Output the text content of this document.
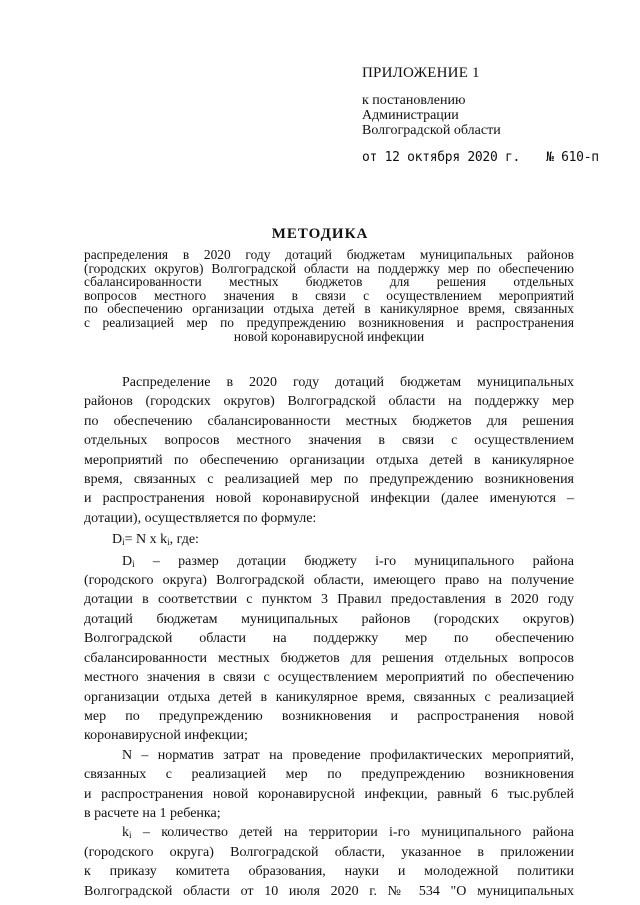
ПРИЛОЖЕНИЕ 1
к постановлению
Администрации
Волгоградской области
от 12 октября 2020 г. № 610-п
МЕТОДИКА
распределения в 2020 году дотаций бюджетам муниципальных районов
(городских округов) Волгоградской области на поддержку мер по обеспечению
сбалансированности местных бюджетов для решения отдельных
вопросов местного значения в связи с осуществлением мероприятий
по обеспечению организации отдыха детей в каникулярное время, связанных
с реализацией мер по предупреждению возникновения и распространения
новой коронавирусной инфекции
Распределение в 2020 году дотаций бюджетам муниципальных
районов (городских округов) Волгоградской области на поддержку мер
по обеспечению сбалансированности местных бюджетов для решения
отдельных вопросов местного значения в связи с осуществлением
мероприятий по обеспечению организации отдыха детей в каникулярное
время, связанных с реализацией мер по предупреждению возникновения
и распространения новой коронавирусной инфекции (далее именуются –
дотации), осуществляется по формуле:
$D_i= N$ x $k_i$, где:
$D_i$ – размер дотации бюджету i-го муниципального района
(городского округа) Волгоградской области, имеющего право на получение
дотации в соответствии с пунктом 3 Правил предоставления в 2020 году
дотаций бюджетам муниципальных районов (городских округов)
Волгоградской области на поддержку мер по обеспечению
сбалансированности местных бюджетов для решения отдельных вопросов
местного значения в связи с осуществлением мероприятий по обеспечению
организации отдыха детей в каникулярное время, связанных с реализацией
мер по предупреждению возникновения и распространения новой
коронавирусной инфекции;
N – норматив затрат на проведение профилактических мероприятий,
связанных с реализацией мер по предупреждению возникновения
и распространения новой коронавирусной инфекции, равный 6 тыс.рублей
в расчете на 1 ребенка;
$k_i$ – количество детей на территории i-го муниципального района
(городского округа) Волгоградской области, указанное в приложении
к приказу комитета образования, науки и молодежной политики
Волгоградской области от 10 июля 2020 г. № 534 "О муниципальных
